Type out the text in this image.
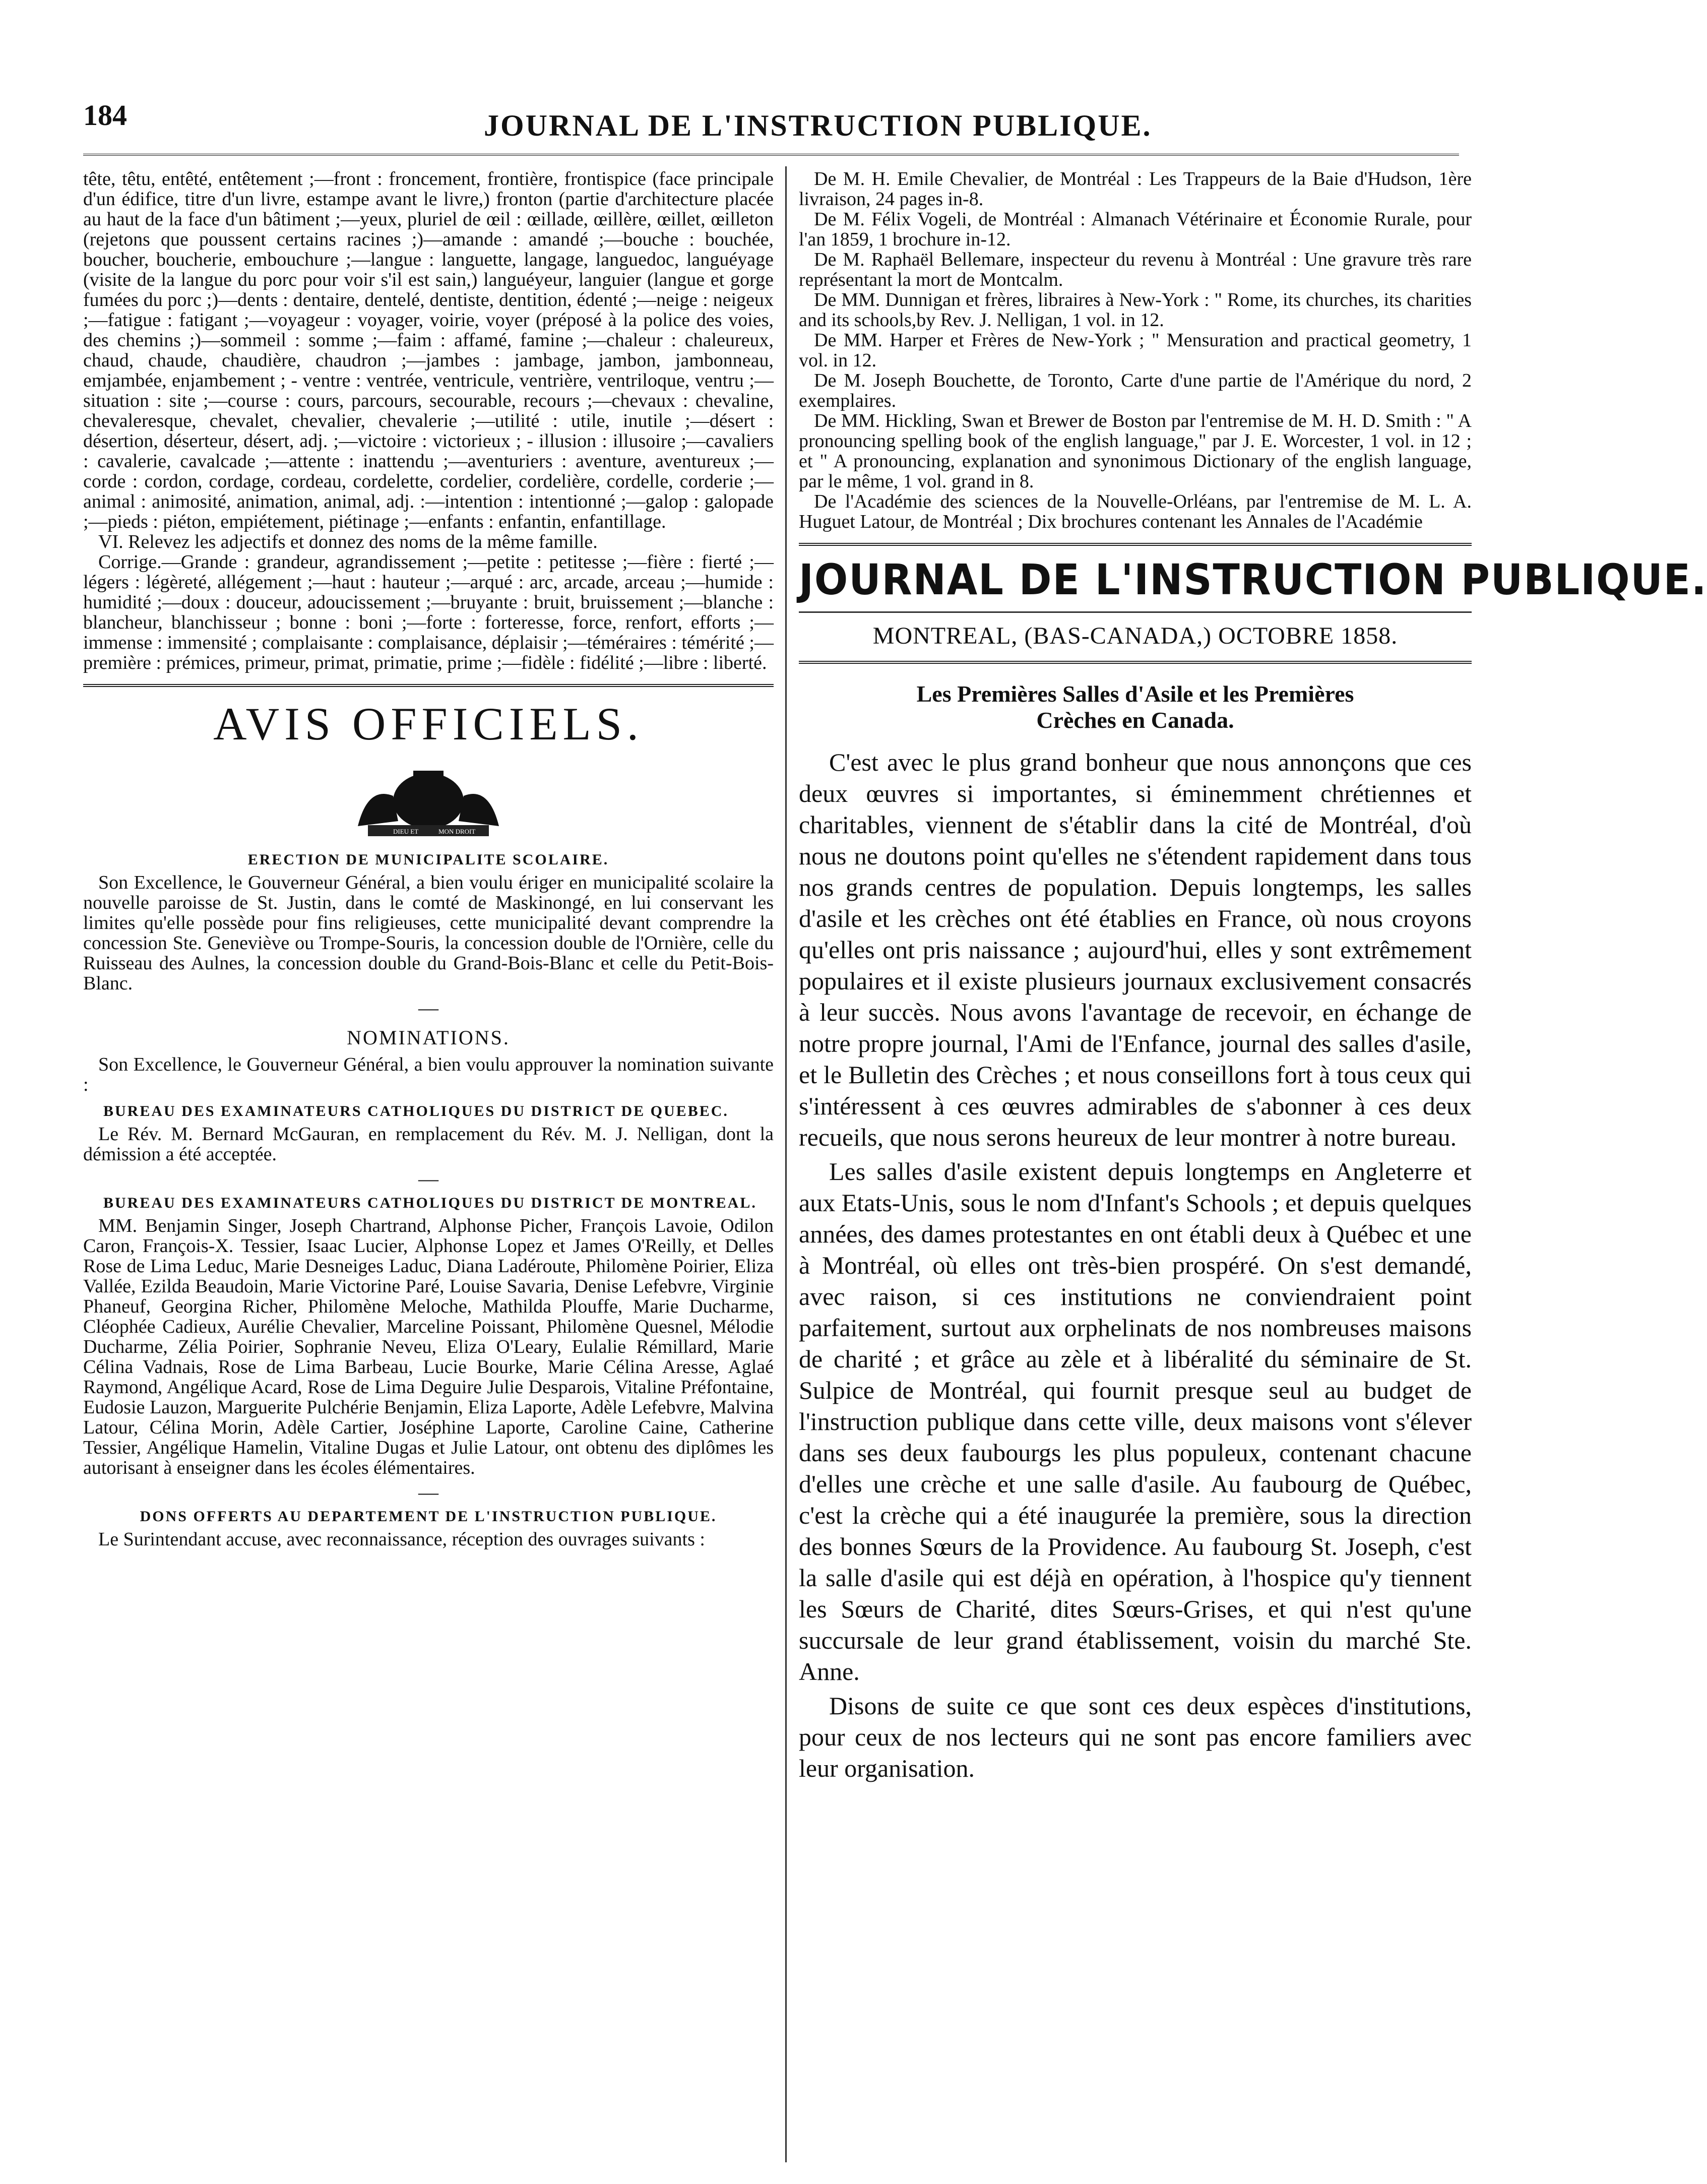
184	JOURNAL DE L'INSTRUCTION PUBLIQUE.

tête, têtu, entêté, entêtement ;—front : froncement, frontière, frontispice (face principale d'un édifice, titre d'un livre, estampe avant le livre,) fronton (partie d'architecture placée au haut de la face d'un bâtiment ;—yeux, pluriel de œil : œillade, œillère, œillet, œilleton (rejetons que poussent certains racines ;)—amande : amandé ;—bouche : bouchée, boucher, boucherie, embouchure ;—langue : languette, langage, languedoc, languéyage (visite de la langue du porc pour voir s'il est sain,) languéyeur, languier (langue et gorge fumées du porc ;)—dents : dentaire, dentelé, dentiste, dentition, édenté ;—neige : neigeux ;—fatigue : fatigant ;—voyageur : voyager, voirie, voyer (préposé à la police des voies, des chemins ;)—sommeil : somme ;—faim : affamé, famine ;—chaleur : chaleureux, chaud, chaude, chaudière, chaudron ;—jambes : jambage, jambon, jambonneau, emjambée, enjambement ; - ventre : ventrée, ventricule, ventrière, ventriloque, ventru ;—situation : site ;—course : cours, parcours, secourable, recours ;—chevaux : chevaline, chevaleresque, chevalet, chevalier, chevalerie ;—utilité : utile, inutile ;—désert : désertion, déserteur, désert, adj. ;—victoire : victorieux ; - illusion : illusoire ;—cavaliers : cavalerie, cavalcade ;—attente : inattendu ;—aventuriers : aventure, aventureux ;—corde : cordon, cordage, cordeau, cordelette, cordelier, cordelière, cordelle, corderie ;—animal : animosité, animation, animal, adj. :—intention : intentionné ;—galop : galopade ;—pieds : piéton, empiétement, piétinage ;—enfants : enfantin, enfantillage.

VI. Relevez les adjectifs et donnez des noms de la même famille.

Corrige.—Grande : grandeur, agrandissement ;—petite : petitesse ;—fière : fierté ;—légers : légèreté, allégement ;—haut : hauteur ;—arqué : arc, arcade, arceau ;—humide : humidité ;—doux : douceur, adoucissement ;—bruyante : bruit, bruissement ;—blanche : blancheur, blanchisseur ; bonne : boni ;—forte : forteresse, force, renfort, efforts ;—immense : immensité ; complaisante : complaisance, déplaisir ;—téméraires : témérité ;—première : prémices, primeur, primat, primatie, prime ;—fidèle : fidélité ;—libre : liberté.

AVIS OFFICIELS.
DIEU ET	MON DROIT
ERECTION DE MUNICIPALITE SCOLAIRE.

Son Excellence, le Gouverneur Général, a bien voulu ériger en municipalité scolaire la nouvelle paroisse de St. Justin, dans le comté de Maskinongé, en lui conservant les limites qu'elle possède pour fins religieuses, cette municipalité devant comprendre la concession Ste. Geneviève ou Trompe-Souris, la concession double de l'Ornière, celle du Ruisseau des Aulnes, la concession double du Grand-Bois-Blanc et celle du Petit-Bois-Blanc.

—
NOMINATIONS.

Son Excellence, le Gouverneur Général, a bien voulu approuver la nomination suivante :

BUREAU DES EXAMINATEURS CATHOLIQUES DU DISTRICT DE QUEBEC.

Le Rév. M. Bernard McGauran, en remplacement du Rév. M. J. Nelligan, dont la démission a été acceptée.

—
BUREAU DES EXAMINATEURS CATHOLIQUES DU DISTRICT DE MONTREAL.

MM. Benjamin Singer, Joseph Chartrand, Alphonse Picher, François Lavoie, Odilon Caron, François-X. Tessier, Isaac Lucier, Alphonse Lopez et James O'Reilly, et Delles Rose de Lima Leduc, Marie Desneiges Laduc, Diana Ladéroute, Philomène Poirier, Eliza Vallée, Ezilda Beaudoin, Marie Victorine Paré, Louise Savaria, Denise Lefebvre, Virginie Phaneuf, Georgina Richer, Philomène Meloche, Mathilda Plouffe, Marie Ducharme, Cléophée Cadieux, Aurélie Chevalier, Marceline Poissant, Philomène Quesnel, Mélodie Ducharme, Zélia Poirier, Sophranie Neveu, Eliza O'Leary, Eulalie Rémillard, Marie Célina Vadnais, Rose de Lima Barbeau, Lucie Bourke, Marie Célina Aresse, Aglaé Raymond, Angélique Acard, Rose de Lima Deguire Julie Desparois, Vitaline Préfontaine, Eudosie Lauzon, Marguerite Pulchérie Benjamin, Eliza Laporte, Adèle Lefebvre, Malvina Latour, Célina Morin, Adèle Cartier, Joséphine Laporte, Caroline Caine, Catherine Tessier, Angélique Hamelin, Vitaline Dugas et Julie Latour, ont obtenu des diplômes les autorisant à enseigner dans les écoles élémentaires.

—
DONS OFFERTS AU DEPARTEMENT DE L'INSTRUCTION PUBLIQUE.

Le Surintendant accuse, avec reconnaissance, réception des ouvrages suivants :

De M. H. Emile Chevalier, de Montréal : Les Trappeurs de la Baie d'Hudson, 1ère livraison, 24 pages in-8.

De M. Félix Vogeli, de Montréal : Almanach Vétérinaire et Économie Rurale, pour l'an 1859, 1 brochure in-12.

De M. Raphaël Bellemare, inspecteur du revenu à Montréal : Une gravure très rare représentant la mort de Montcalm.

De MM. Dunnigan et frères, libraires à New-York : " Rome, its churches, its charities and its schools,by Rev. J. Nelligan, 1 vol. in 12.

De MM. Harper et Frères de New-York ; " Mensuration and practical geometry, 1 vol. in 12.

De M. Joseph Bouchette, de Toronto, Carte d'une partie de l'Amérique du nord, 2 exemplaires.

De MM. Hickling, Swan et Brewer de Boston par l'entremise de M. H. D. Smith : " A pronouncing spelling book of the english language," par J. E. Worcester, 1 vol. in 12 ; et " A pronouncing, explanation and synonimous Dictionary of the english language, par le même, 1 vol. grand in 8.

De l'Académie des sciences de la Nouvelle-Orléans, par l'entremise de M. L. A. Huguet Latour, de Montréal ; Dix brochures contenant les Annales de l'Académie

JOURNAL DE L'INSTRUCTION PUBLIQUE.
MONTREAL, (BAS-CANADA,) OCTOBRE 1858.
Les Premières Salles d'Asile et les Premières
Crèches en Canada.

C'est avec le plus grand bonheur que nous annonçons que ces deux œuvres si importantes, si éminemment chrétiennes et charitables, viennent de s'établir dans la cité de Montréal, d'où nous ne doutons point qu'elles ne s'étendent rapidement dans tous nos grands centres de population. Depuis longtemps, les salles d'asile et les crèches ont été établies en France, où nous croyons qu'elles ont pris naissance ; aujourd'hui, elles y sont extrêmement populaires et il existe plusieurs journaux exclusivement consacrés à leur succès. Nous avons l'avantage de recevoir, en échange de notre propre journal, l'Ami de l'Enfance, journal des salles d'asile, et le Bulletin des Crèches ; et nous conseillons fort à tous ceux qui s'intéressent à ces œuvres admirables de s'abonner à ces deux recueils, que nous serons heureux de leur montrer à notre bureau.

Les salles d'asile existent depuis longtemps en Angleterre et aux Etats-Unis, sous le nom d'Infant's Schools ; et depuis quelques années, des dames protestantes en ont établi deux à Québec et une à Montréal, où elles ont très-bien prospéré. On s'est demandé, avec raison, si ces institutions ne conviendraient point parfaitement, surtout aux orphelinats de nos nombreuses maisons de charité ; et grâce au zèle et à libéralité du séminaire de St. Sulpice de Montréal, qui fournit presque seul au budget de l'instruction publique dans cette ville, deux maisons vont s'élever dans ses deux faubourgs les plus populeux, contenant chacune d'elles une crèche et une salle d'asile. Au faubourg de Québec, c'est la crèche qui a été inaugurée la première, sous la direction des bonnes Sœurs de la Providence. Au faubourg St. Joseph, c'est la salle d'asile qui est déjà en opération, à l'hospice qu'y tiennent les Sœurs de Charité, dites Sœurs-Grises, et qui n'est qu'une succursale de leur grand établissement, voisin du marché Ste. Anne.

Disons de suite ce que sont ces deux espèces d'institutions, pour ceux de nos lecteurs qui ne sont pas encore familiers avec leur organisation.
